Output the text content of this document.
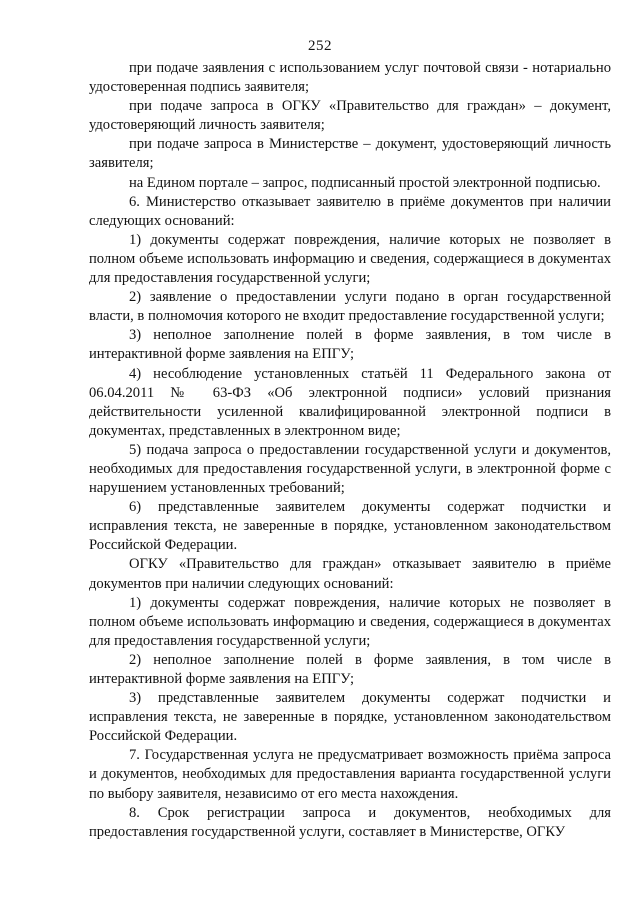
252

при подаче заявления с использованием услуг почтовой связи - нотариально удостоверенная подпись заявителя;

при подаче запроса в ОГКУ «Правительство для граждан» – документ, удостоверяющий личность заявителя;

при подаче запроса в Министерстве – документ, удостоверяющий личность заявителя;

на Едином портале – запрос, подписанный простой электронной подписью.

6. Министерство отказывает заявителю в приёме документов при наличии следующих оснований:

1) документы содержат повреждения, наличие которых не позволяет в полном объеме использовать информацию и сведения, содержащиеся в документах для предоставления государственной услуги;

2) заявление о предоставлении услуги подано в орган государственной власти, в полномочия которого не входит предоставление государственной услуги;

3) неполное заполнение полей в форме заявления, в том числе в интерактивной форме заявления на ЕПГУ;

4) несоблюдение установленных статьёй 11 Федерального закона от 06.04.2011 № 63-ФЗ «Об электронной подписи» условий признания действительности усиленной квалифицированной электронной подписи в документах, представленных в электронном виде;

5) подача запроса о предоставлении государственной услуги и документов, необходимых для предоставления государственной услуги, в электронной форме с нарушением установленных требований;

6) представленные заявителем документы содержат подчистки и исправления текста, не заверенные в порядке, установленном законодательством Российской Федерации.

ОГКУ «Правительство для граждан» отказывает заявителю в приёме документов при наличии следующих оснований:

1) документы содержат повреждения, наличие которых не позволяет в полном объеме использовать информацию и сведения, содержащиеся в документах для предоставления государственной услуги;

2) неполное заполнение полей в форме заявления, в том числе в интерактивной форме заявления на ЕПГУ;

3) представленные заявителем документы содержат подчистки и исправления текста, не заверенные в порядке, установленном законодательством Российской Федерации.

7. Государственная услуга не предусматривает возможность приёма запроса и документов, необходимых для предоставления варианта государственной услуги по выбору заявителя, независимо от его места нахождения.

8. Срок регистрации запроса и документов, необходимых для предоставления государственной услуги, составляет в Министерстве, ОГКУ
